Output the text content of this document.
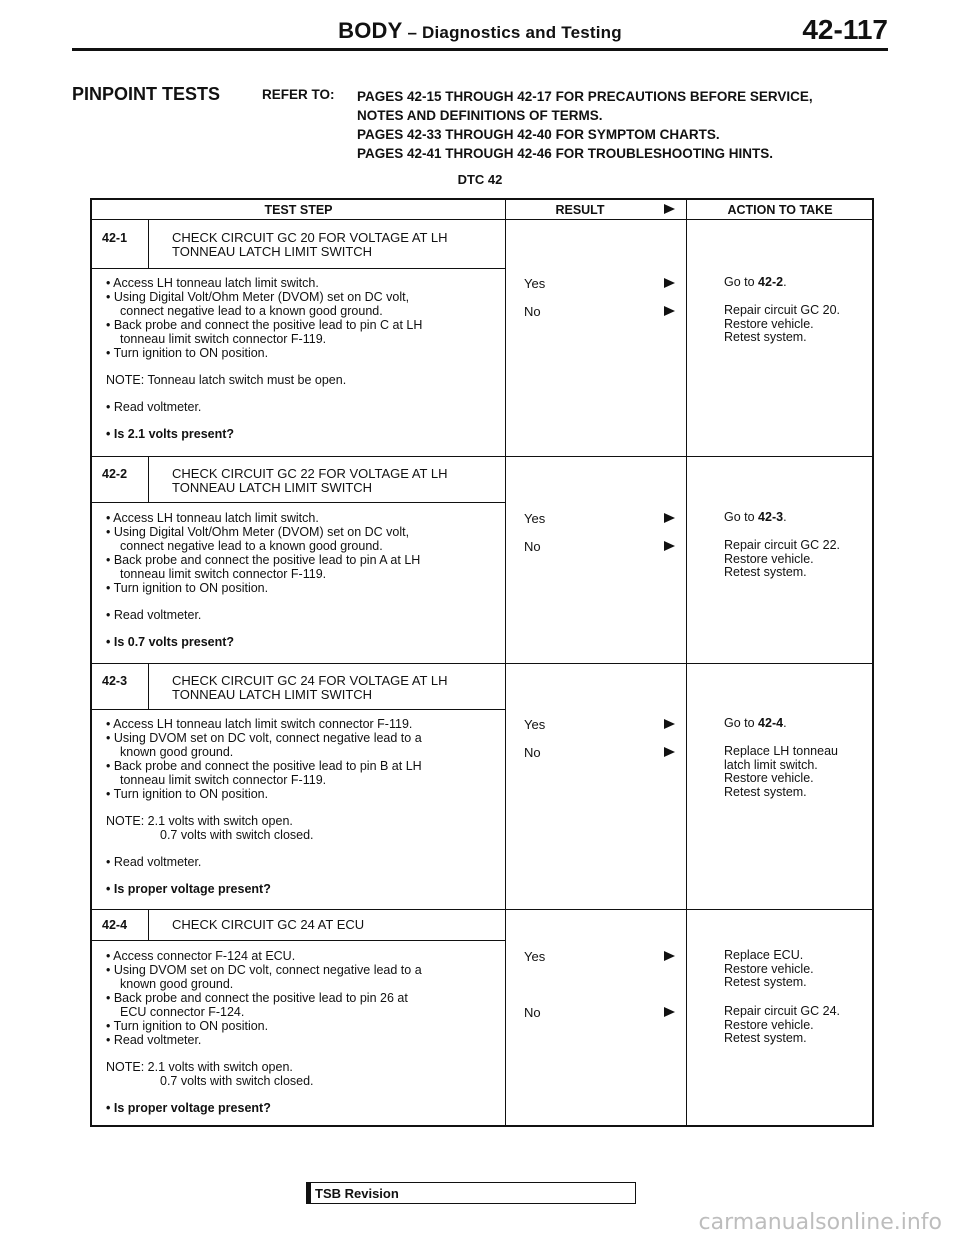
BODY – Diagnostics and Testing	42-117
PINPOINT TESTS	REFER TO: PAGES 42-15 THROUGH 42-17 FOR PRECAUTIONS BEFORE SERVICE,
NOTES AND DEFINITIONS OF TERMS.
PAGES 42-33 THROUGH 42-40 FOR SYMPTOM CHARTS.
PAGES 42-41 THROUGH 42-46 FOR TROUBLESHOOTING HINTS.
DTC 42
TEST STEP	RESULT	ACTION TO TAKE
42-1	CHECK CIRCUIT GC 20 FOR VOLTAGE AT LH
TONNEAU LATCH LIMIT SWITCH
• Access LH tonneau latch limit switch.
• Using Digital Volt/Ohm Meter (DVOM) set on DC volt,
connect negative lead to a known good ground.
• Back probe and connect the positive lead to pin C at LH
tonneau limit switch connector F-119.
• Turn ignition to ON position.
NOTE: Tonneau latch switch must be open.
• Read voltmeter.
• Is 2.1 volts present?
Yes	Go to 42-2.
No	Repair circuit GC 20.
Restore vehicle.
Retest system.
42-2	CHECK CIRCUIT GC 22 FOR VOLTAGE AT LH
TONNEAU LATCH LIMIT SWITCH
• Access LH tonneau latch limit switch.
• Using Digital Volt/Ohm Meter (DVOM) set on DC volt,
connect negative lead to a known good ground.
• Back probe and connect the positive lead to pin A at LH
tonneau limit switch connector F-119.
• Turn ignition to ON position.
• Read voltmeter.
• Is 0.7 volts present?
Yes	Go to 42-3.
No	Repair circuit GC 22.
Restore vehicle.
Retest system.
42-3	CHECK CIRCUIT GC 24 FOR VOLTAGE AT LH
TONNEAU LATCH LIMIT SWITCH
• Access LH tonneau latch limit switch connector F-119.
• Using DVOM set on DC volt, connect negative lead to a
known good ground.
• Back probe and connect the positive lead to pin B at LH
tonneau limit switch connector F-119.
• Turn ignition to ON position.
NOTE: 2.1 volts with switch open.
0.7 volts with switch closed.
• Read voltmeter.
• Is proper voltage present?
Yes	Go to 42-4.
No	Replace LH tonneau
latch limit switch.
Restore vehicle.
Retest system.
42-4	CHECK CIRCUIT GC 24 AT ECU
• Access connector F-124 at ECU.
• Using DVOM set on DC volt, connect negative lead to a
known good ground.
• Back probe and connect the positive lead to pin 26 at
ECU connector F-124.
• Turn ignition to ON position.
• Read voltmeter.
NOTE: 2.1 volts with switch open.
0.7 volts with switch closed.
• Is proper voltage present?
Yes	Replace ECU.
Restore vehicle.
Retest system.
No	Repair circuit GC 24.
Restore vehicle.
Retest system.
TSB Revision
carmanualsonline.info
